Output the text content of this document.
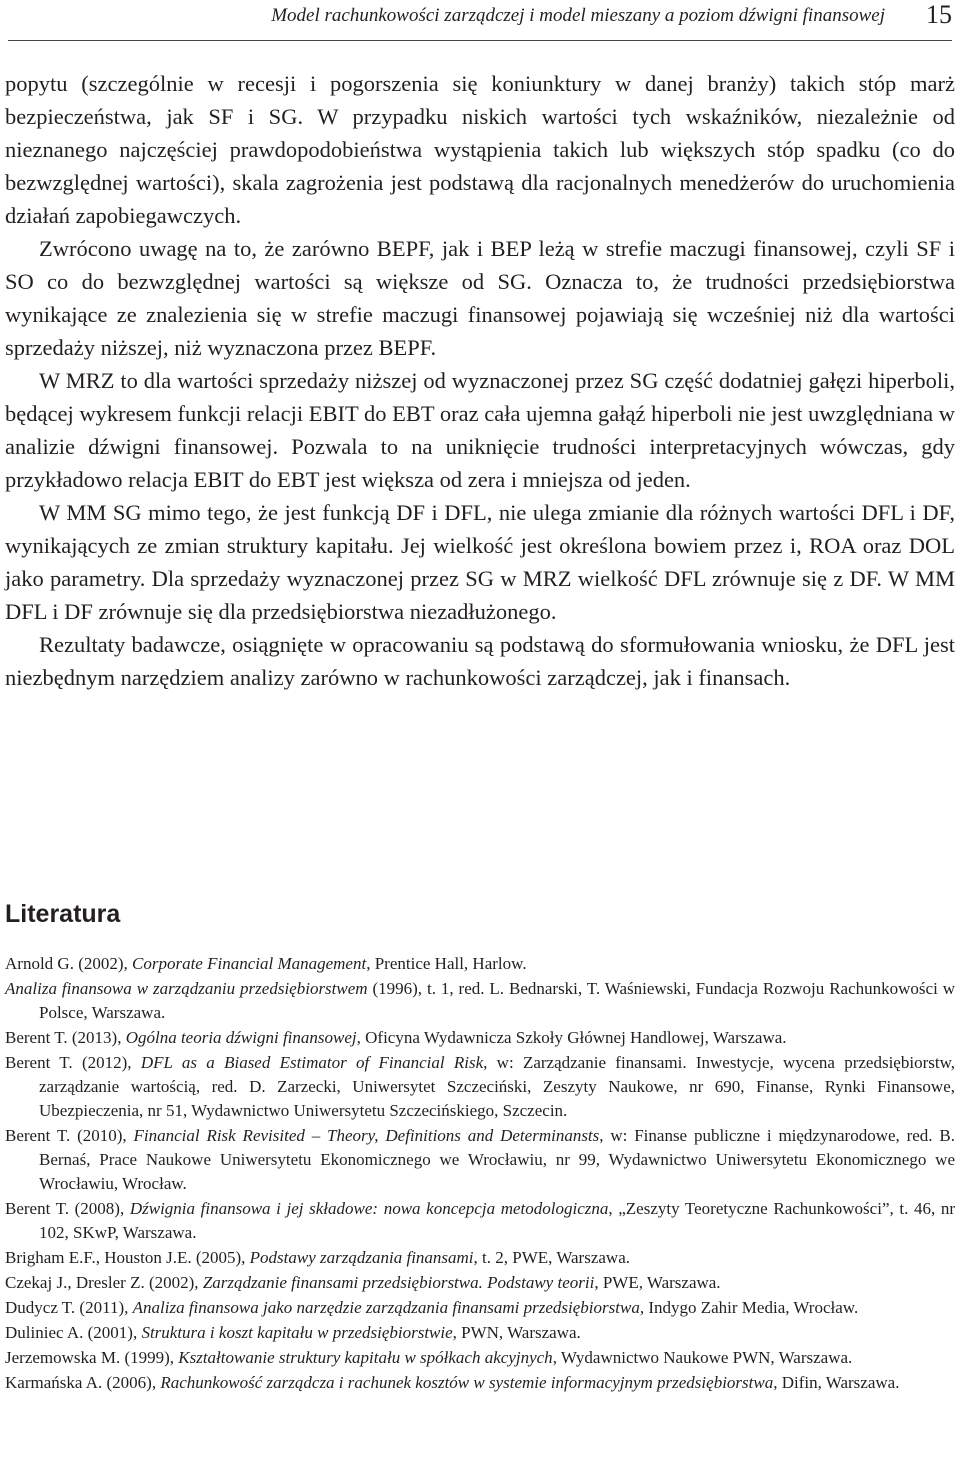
Model rachunkowości zarządczej i model mieszany a poziom dźwigni finansowej 15

popytu (szczególnie w recesji i pogorszenia się koniunktury w danej branży) takich stóp marż bezpieczeństwa, jak SF i SG. W przypadku niskich wartości tych wskaźników, niezależnie od nieznanego najczęściej prawdopodobieństwa wystąpienia takich lub większych stóp spadku (co do bezwzględnej wartości), skala zagrożenia jest podstawą dla racjonalnych menedżerów do uruchomienia działań zapobiegawczych.

Zwrócono uwagę na to, że zarówno BEPF, jak i BEP leżą w strefie maczugi finansowej, czyli SF i SO co do bezwzględnej wartości są większe od SG. Oznacza to, że trudności przedsiębiorstwa wynikające ze znalezienia się w strefie maczugi finansowej pojawiają się wcześniej niż dla wartości sprzedaży niższej, niż wyznaczona przez BEPF.

W MRZ to dla wartości sprzedaży niższej od wyznaczonej przez SG część dodatniej gałęzi hiperboli, będącej wykresem funkcji relacji EBIT do EBT oraz cała ujemna gałąź hiperboli nie jest uwzględniana w analizie dźwigni finansowej. Pozwala to na uniknięcie trudności interpretacyjnych wówczas, gdy przykładowo relacja EBIT do EBT jest większa od zera i mniejsza od jeden.

W MM SG mimo tego, że jest funkcją DF i DFL, nie ulega zmianie dla różnych wartości DFL i DF, wynikających ze zmian struktury kapitału. Jej wielkość jest określona bowiem przez i, ROA oraz DOL jako parametry. Dla sprzedaży wyznaczonej przez SG w MRZ wielkość DFL zrównuje się z DF. W MM DFL i DF zrównuje się dla przedsiębiorstwa niezadłużonego.

Rezultaty badawcze, osiągnięte w opracowaniu są podstawą do sformułowania wniosku, że DFL jest niezbędnym narzędziem analizy zarówno w rachunkowości zarządczej, jak i finansach.

Literatura

Arnold G. (2002), Corporate Financial Management, Prentice Hall, Harlow.

Analiza finansowa w zarządzaniu przedsiębiorstwem (1996), t. 1, red. L. Bednarski, T. Waśniewski, Fundacja Rozwoju Rachunkowości w Polsce, Warszawa.

Berent T. (2013), Ogólna teoria dźwigni finansowej, Oficyna Wydawnicza Szkoły Głównej Handlowej, Warszawa.

Berent T. (2012), DFL as a Biased Estimator of Financial Risk, w: Zarządzanie finansami. Inwestycje, wycena przedsiębiorstw, zarządzanie wartością, red. D. Zarzecki, Uniwersytet Szczeciński, Zeszyty Naukowe, nr 690, Finanse, Rynki Finansowe, Ubezpieczenia, nr 51, Wydawnictwo Uniwersytetu Szczecińskiego, Szczecin.

Berent T. (2010), Financial Risk Revisited – Theory, Definitions and Determinansts, w: Finanse publiczne i międzynarodowe, red. B. Bernaś, Prace Naukowe Uniwersytetu Ekonomicznego we Wrocławiu, nr 99, Wydawnictwo Uniwersytetu Ekonomicznego we Wrocławiu, Wrocław.

Berent T. (2008), Dźwignia finansowa i jej składowe: nowa koncepcja metodologiczna, „Zeszyty Teoretyczne Rachunkowości”, t. 46, nr 102, SKwP, Warszawa.

Brigham E.F., Houston J.E. (2005), Podstawy zarządzania finansami, t. 2, PWE, Warszawa.

Czekaj J., Dresler Z. (2002), Zarządzanie finansami przedsiębiorstwa. Podstawy teorii, PWE, Warszawa.

Dudycz T. (2011), Analiza finansowa jako narzędzie zarządzania finansami przedsiębiorstwa, Indygo Zahir Media, Wrocław.

Duliniec A. (2001), Struktura i koszt kapitału w przedsiębiorstwie, PWN, Warszawa.

Jerzemowska M. (1999), Kształtowanie struktury kapitału w spółkach akcyjnych, Wydawnictwo Naukowe PWN, Warszawa.

Karmańska A. (2006), Rachunkowość zarządcza i rachunek kosztów w systemie informacyjnym przedsiębiorstwa, Difin, Warszawa.
